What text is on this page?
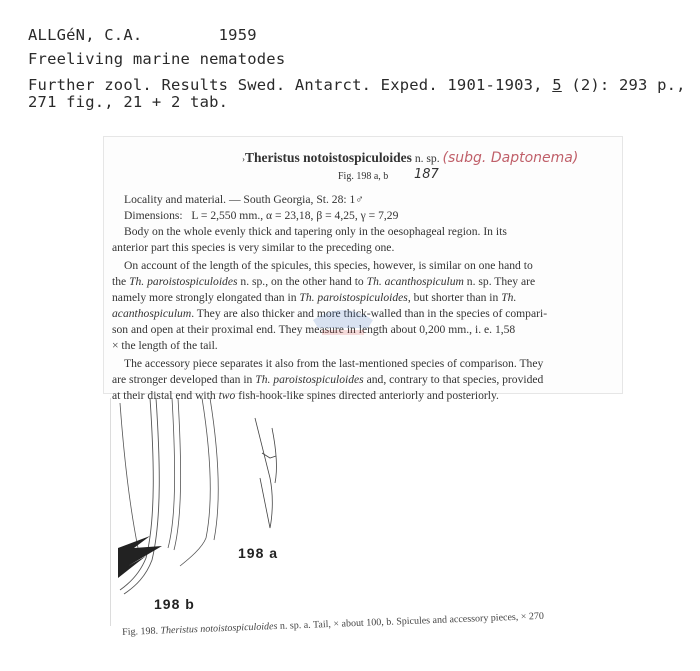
ALLGéN, C.A.        1959
Freeliving marine nematodes
Further zool. Results Swed. Antarct. Exped. 1901-1903, 5 (2): 293 p.,
271 fig., 21 + 2 tab.
›Theristus notoistospiculoides n. sp. (subg. Daptonema)
Fig. 198 a, b 187
Locality and material. — South Georgia, St. 28: 1♂
Dimensions: L = 2,550 mm., α = 23,18, β = 4,25, γ = 7,29
Body on the whole evenly thick and tapering only in the oesophageal region. In its
anterior part this species is very similar to the preceding one.
On account of the length of the spicules, this species, however, is similar on one hand to
the Th. paroistospiculoides n. sp., on the other hand to Th. acanthospiculum n. sp. They are
namely more strongly elongated than in Th. paroistospiculoides, but shorter than in Th.
acanthospiculum. They are also thicker and more thick-walled than in the species of compari-
son and open at their proximal end. They measure in length about 0,200 mm., i. e. 1,58
× the length of the tail.
The accessory piece separates it also from the last-mentioned species of comparison. They
are stronger developed than in Th. paroistospiculoides and, contrary to that species, provided
at their distal end with two fish-hook-like spines directed anteriorly and posteriorly.
198 a
198 b
Fig. 198. Theristus notoistospiculoides n. sp. a. Tail, × about 100, b. Spicules and accessory pieces, × 270
